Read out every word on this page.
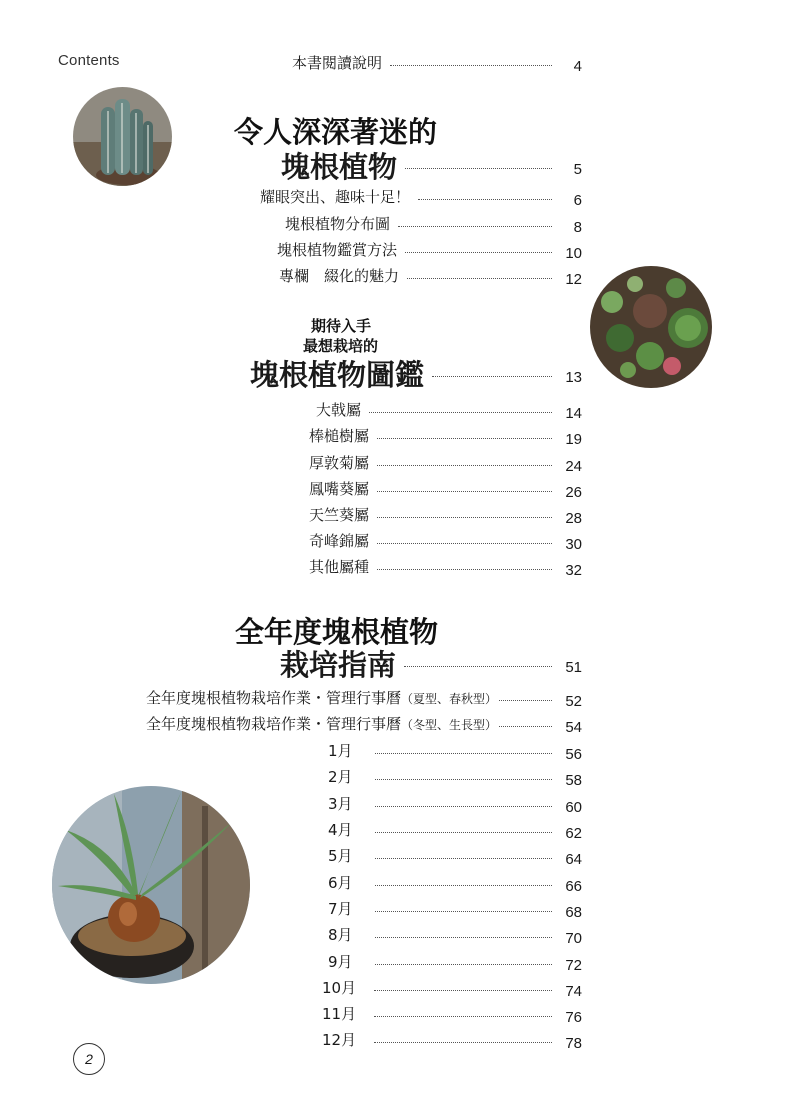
Contents	本書閱讀說明	4
令人深深著迷的
塊根植物	5
耀眼突出、趣味十足！	6
塊根植物分布圖	8
塊根植物鑑賞方法	10
專欄　綴化的魅力	12
期待入手
最想栽培的
塊根植物圖鑑	13
大戟屬	14
棒槌樹屬	19
厚敦菊屬	24
鳳嘴葵屬	26
天竺葵屬	28
奇峰錦屬	30
其他屬種	32
全年度塊根植物
栽培指南	51
全年度塊根植物栽培作業・管理行事曆（夏型、春秋型）	52
全年度塊根植物栽培作業・管理行事曆（冬型、生長型）	54
1月	56
2月	58
3月	60
4月	62
5月	64
6月	66
7月	68
8月	70
9月	72
10月	74
11月	76
12月	78
2
